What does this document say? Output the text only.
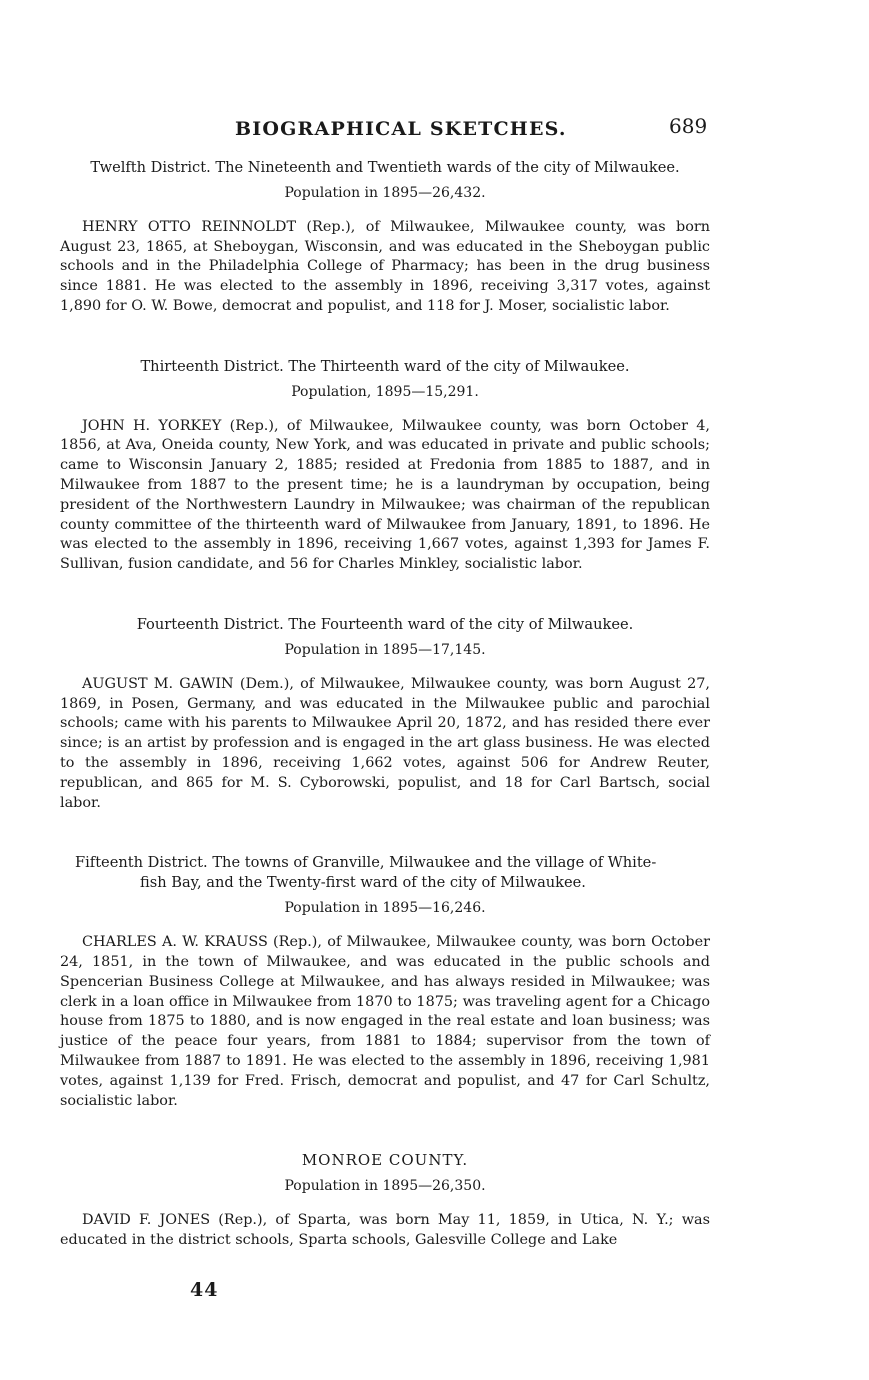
BIOGRAPHICAL SKETCHES.	689
Twelfth District. The Nineteenth and Twentieth wards of the city of Milwaukee.
Population in 1895—26,432.

HENRY OTTO REINNOLDT (Rep.), of Milwaukee, Milwaukee county, was born August 23, 1865, at Sheboygan, Wisconsin, and was educated in the Sheboygan public schools and in the Philadelphia College of Pharmacy; has been in the drug business since 1881. He was elected to the assembly in 1896, receiving 3,317 votes, against 1,890 for O. W. Bowe, democrat and populist, and 118 for J. Moser, socialistic labor.

Thirteenth District. The Thirteenth ward of the city of Milwaukee.
Population, 1895—15,291.

JOHN H. YORKEY (Rep.), of Milwaukee, Milwaukee county, was born October 4, 1856, at Ava, Oneida county, New York, and was educated in private and public schools; came to Wisconsin January 2, 1885; resided at Fredonia from 1885 to 1887, and in Milwaukee from 1887 to the present time; he is a laundryman by occupation, being president of the Northwestern Laundry in Milwaukee; was chairman of the republican county committee of the thirteenth ward of Milwaukee from January, 1891, to 1896. He was elected to the assembly in 1896, receiving 1,667 votes, against 1,393 for James F. Sullivan, fusion candidate, and 56 for Charles Minkley, socialistic labor.

Fourteenth District. The Fourteenth ward of the city of Milwaukee.
Population in 1895—17,145.

AUGUST M. GAWIN (Dem.), of Milwaukee, Milwaukee county, was born August 27, 1869, in Posen, Germany, and was educated in the Milwaukee public and parochial schools; came with his parents to Milwaukee April 20, 1872, and has resided there ever since; is an artist by profession and is engaged in the art glass business. He was elected to the assembly in 1896, receiving 1,662 votes, against 506 for Andrew Reuter, republican, and 865 for M. S. Cyborowski, populist, and 18 for Carl Bartsch, social labor.

Fifteenth District. The towns of Granville, Milwaukee and the village of White-
fish Bay, and the Twenty-first ward of the city of Milwaukee.
Population in 1895—16,246.

CHARLES A. W. KRAUSS (Rep.), of Milwaukee, Milwaukee county, was born October 24, 1851, in the town of Milwaukee, and was educated in the public schools and Spencerian Business College at Milwaukee, and has always resided in Milwaukee; was clerk in a loan office in Milwaukee from 1870 to 1875; was traveling agent for a Chicago house from 1875 to 1880, and is now engaged in the real estate and loan business; was justice of the peace four years, from 1881 to 1884; supervisor from the town of Milwaukee from 1887 to 1891. He was elected to the assembly in 1896, receiving 1,981 votes, against 1,139 for Fred. Frisch, democrat and populist, and 47 for Carl Schultz, socialistic labor.

MONROE COUNTY.
Population in 1895—26,350.

DAVID F. JONES (Rep.), of Sparta, was born May 11, 1859, in Utica, N. Y.; was educated in the district schools, Sparta schools, Galesville College and Lake

44
